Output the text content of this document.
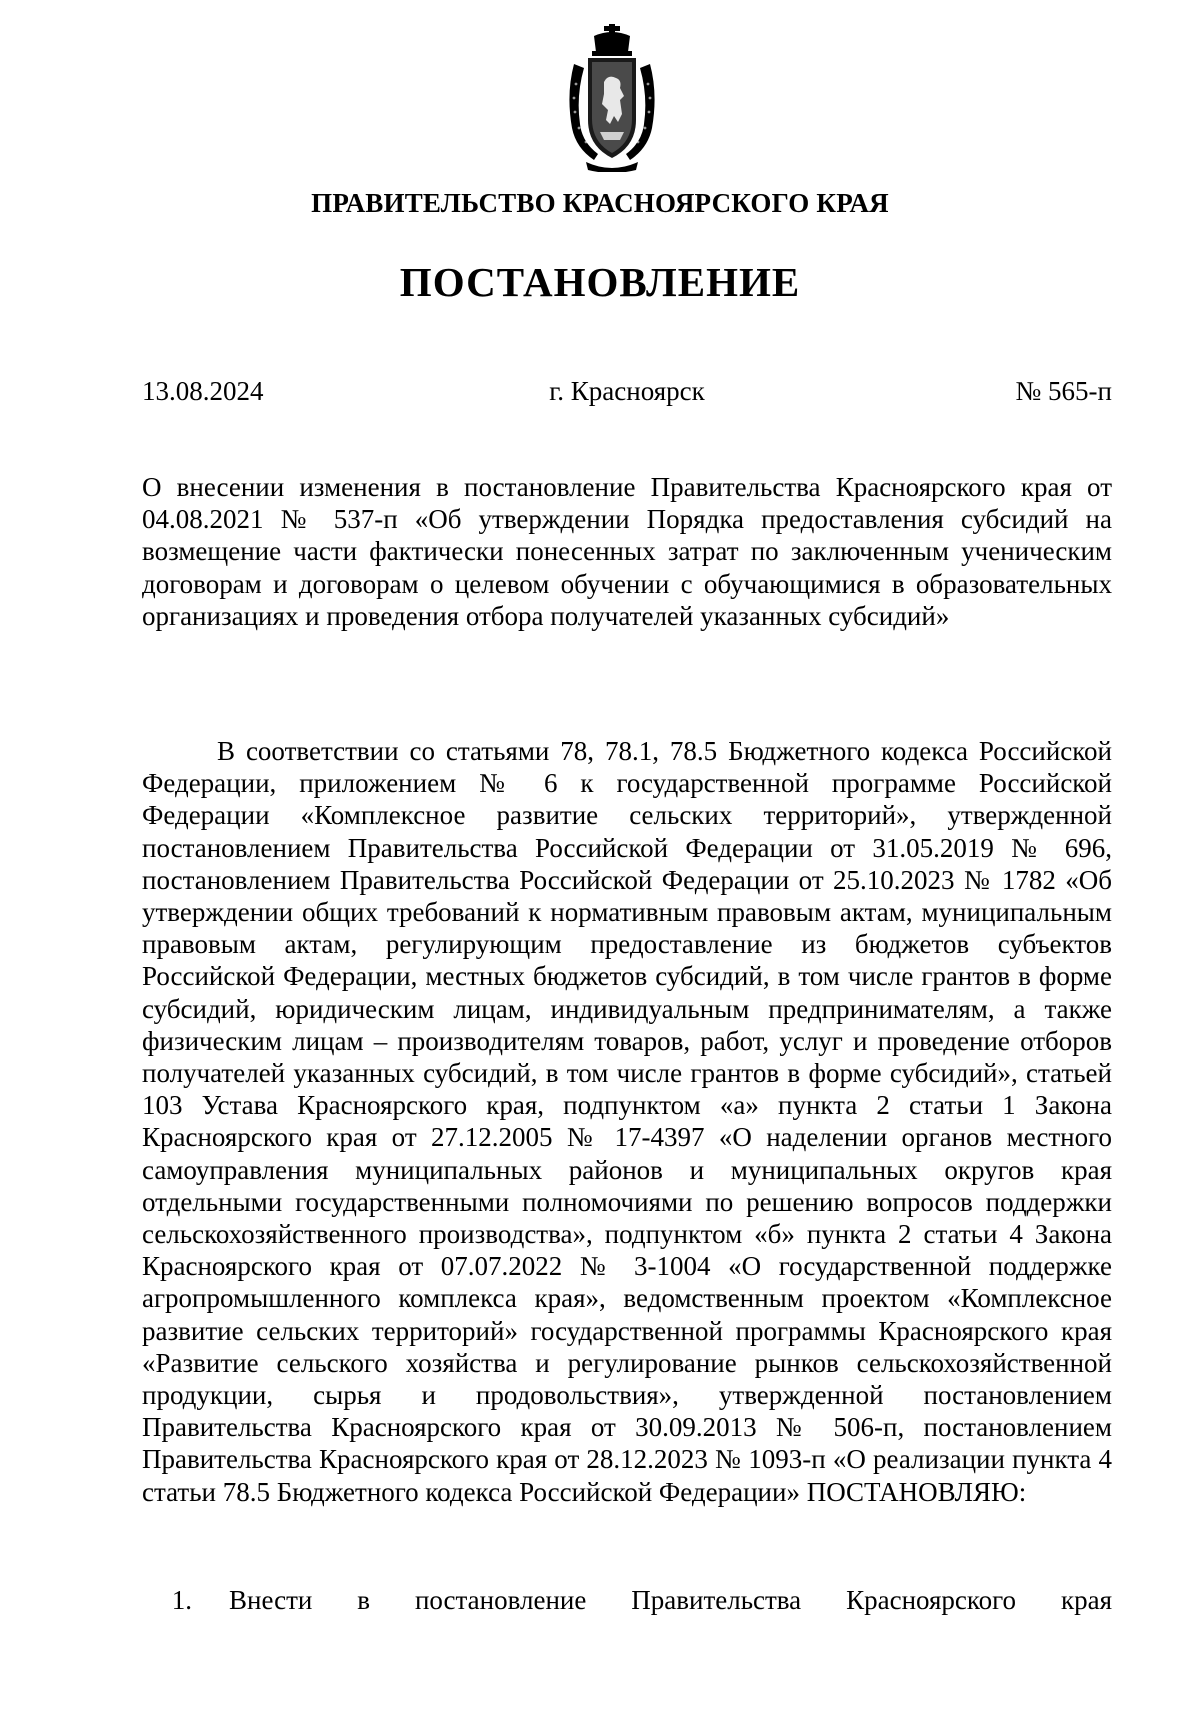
ПРАВИТЕЛЬСТВО КРАСНОЯРСКОГО КРАЯ
ПОСТАНОВЛЕНИЕ
13.08.2024	г. Красноярск	№ 565-п
О внесении изменения в постановление Правительства Красноярского края от 04.08.2021 № 537-п «Об утверждении Порядка предоставления субсидий на возмещение части фактически понесенных затрат по заключенным ученическим договорам и договорам о целевом обучении с обучающимися в образовательных организациях и проведения отбора получателей указанных субсидий»
В соответствии со статьями 78, 78.1, 78.5 Бюджетного кодекса Российской Федерации, приложением № 6 к государственной программе Российской Федерации «Комплексное развитие сельских территорий», утвержденной постановлением Правительства Российской Федерации от 31.05.2019 № 696, постановлением Правительства Российской Федерации от 25.10.2023 № 1782 «Об утверждении общих требований к нормативным правовым актам, муниципальным правовым актам, регулирующим предоставление из бюджетов субъектов Российской Федерации, местных бюджетов субсидий, в том числе грантов в форме субсидий, юридическим лицам, индивидуальным предпринимателям, а также физическим лицам – производителям товаров, работ, услуг и проведение отборов получателей указанных субсидий, в том числе грантов в форме субсидий», статьей 103 Устава Красноярского края, подпунктом «а» пункта 2 статьи 1 Закона Красноярского края от 27.12.2005 № 17-4397 «О наделении органов местного самоуправления муниципальных районов и муниципальных округов края отдельными государственными полномочиями по решению вопросов поддержки сельскохозяйственного производства», подпунктом «б» пункта 2 статьи 4 Закона Красноярского края от 07.07.2022 № 3-1004 «О государственной поддержке агропромышленного комплекса края», ведомственным проектом «Комплексное развитие сельских территорий» государственной программы Красноярского края «Развитие сельского хозяйства и регулирование рынков сельскохозяйственной продукции, сырья и продовольствия», утвержденной постановлением Правительства Красноярского края от 30.09.2013 № 506-п, постановлением Правительства Красноярского края от 28.12.2023 № 1093-п «О реализации пункта 4 статьи 78.5 Бюджетного кодекса Российской Федерации» ПОСТАНОВЛЯЮ:
1.	Внести в постановление Правительства Красноярского края
